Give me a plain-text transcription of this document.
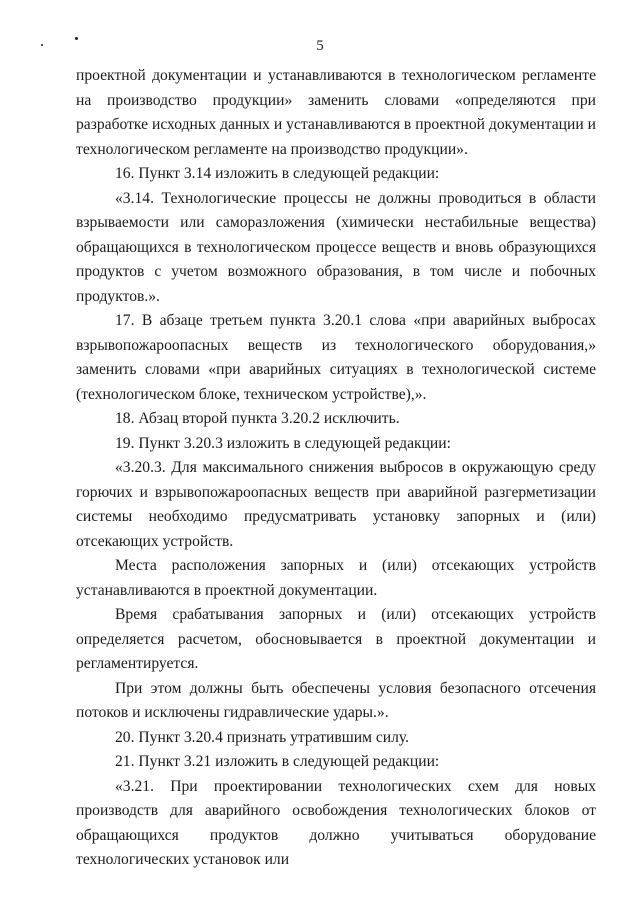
5

проектной документации и устанавливаются в технологическом регламенте на производство продукции» заменить словами «определяются при разработке исходных данных и устанавливаются в проектной документации и технологическом регламенте на производство продукции».

16. Пункт 3.14 изложить в следующей редакции:

«3.14. Технологические процессы не должны проводиться в области взрываемости или саморазложения (химически нестабильные вещества) обращающихся в технологическом процессе веществ и вновь образующихся продуктов с учетом возможного образования, в том числе и побочных продуктов.».

17. В абзаце третьем пункта 3.20.1 слова «при аварийных выбросах взрывопожароопасных веществ из технологического оборудования,» заменить словами «при аварийных ситуациях в технологической системе (технологическом блоке, техническом устройстве),».

18. Абзац второй пункта 3.20.2 исключить.

19. Пункт 3.20.3 изложить в следующей редакции:

«3.20.3. Для максимального снижения выбросов в окружающую среду горючих и взрывопожароопасных веществ при аварийной разгерметизации системы необходимо предусматривать установку запорных и (или) отсекающих устройств.

Места расположения запорных и (или) отсекающих устройств устанавливаются в проектной документации.

Время срабатывания запорных и (или) отсекающих устройств определяется расчетом, обосновывается в проектной документации и регламентируется.

При этом должны быть обеспечены условия безопасного отсечения потоков и исключены гидравлические удары.».

20. Пункт 3.20.4 признать утратившим силу.

21. Пункт 3.21 изложить в следующей редакции:

«3.21. При проектировании технологических схем для новых производств для аварийного освобождения технологических блоков от обращающихся продуктов должно учитываться оборудование технологических установок или
